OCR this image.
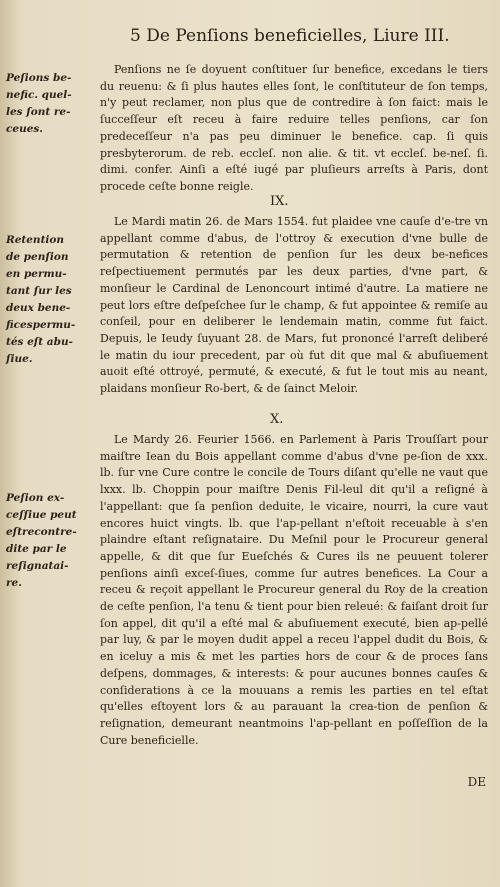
5 De Penſions beneficielles, Liure III.
Peſions be-
nefic. quel-
les ſont re-
ceues.
Retention
de penſion
en permu-
tant ſur les
deux bene-
ficespermu-
tés eſt abu-
ſiue.
Peſion ex-
ceſſiue peut
eſtrecontre-
dite par le
reſignatai-
re.

Penſions ne ſe doyuent conſtituer ſur benefice, excedans le tiers du reuenu: & ſi plus hautes elles ſont, le conſtituteur de ſon temps, n'y peut reclamer, non plus que de contredire à ſon faict: mais le ſucceſſeur eſt receu à faire reduire telles penſions, car ſon predeceſſeur n'a pas peu diminuer le benefice. cap. ſi quis presbyterorum. de reb. eccleſ. non alie. & tit. vt eccleſ. be-neſ. ſi. dimi. confer. Ainſi a eſté iugé par pluſieurs arreſts à Paris, dont procede ceſte bonne reigle.

IX.

Le Mardi matin 26. de Mars 1554. fut plaidee vne cauſe d'e-tre vn appellant comme d'abus, de l'ottroy & execution d'vne bulle de permutation & retention de penſion ſur les deux be-nefices reſpectiuement permutés par les deux parties, d'vne part, & monſieur le Cardinal de Lenoncourt intimé d'autre. La matiere ne peut lors eſtre deſpeſchee ſur le champ, & fut appointee & remiſe au conſeil, pour en deliberer le lendemain matin, comme fut faict. Depuis, le Ieudy ſuyuant 28. de Mars, fut prononcé l'arreſt deliberé le matin du iour precedent, par où fut dit que mal & abuſiuement auoit eſté ottroyé, permuté, & executé, & fut le tout mis au neant, plaidans monſieur Ro-bert, & de ſainct Meloir.

X.

Le Mardy 26. Feurier 1566. en Parlement à Paris Trouſſart pour maiſtre Iean du Bois appellant comme d'abus d'vne pe-ſion de xxx. lb. ſur vne Cure contre le concile de Tours diſant qu'elle ne vaut que lxxx. lb. Choppin pour maiſtre Denis Fil-leul dit qu'il a reſigné à l'appellant: que ſa penſion deduite, le vicaire, nourri, la cure vaut encores huict vingts. lb. que l'ap-pellant n'eſtoit receuable à s'en plaindre eſtant reſignataire. Du Meſnil pour le Procureur general appelle, & dit que ſur Eueſchés & Cures ils ne peuuent tolerer penſions ainſi exceſ-ſiues, comme ſur autres benefices. La Cour a receu & reçoit appellant le Procureur general du Roy de la creation de ceſte penſion, l'a tenu & tient pour bien releué: & faiſant droit ſur ſon appel, dit qu'il a eſté mal & abuſiuement executé, bien ap-pellé par luy, & par le moyen dudit appel a receu l'appel dudit du Bois, & en iceluy a mis & met les parties hors de cour & de proces ſans deſpens, dommages, & interests: & pour aucunes bonnes cauſes & conſiderations à ce la mouuans a remis les parties en tel eſtat qu'elles eſtoyent lors & au parauant la crea-tion de penſion & reſignation, demeurant neantmoins l'ap-pellant en poſſeſſion de la Cure beneficielle.

DE
